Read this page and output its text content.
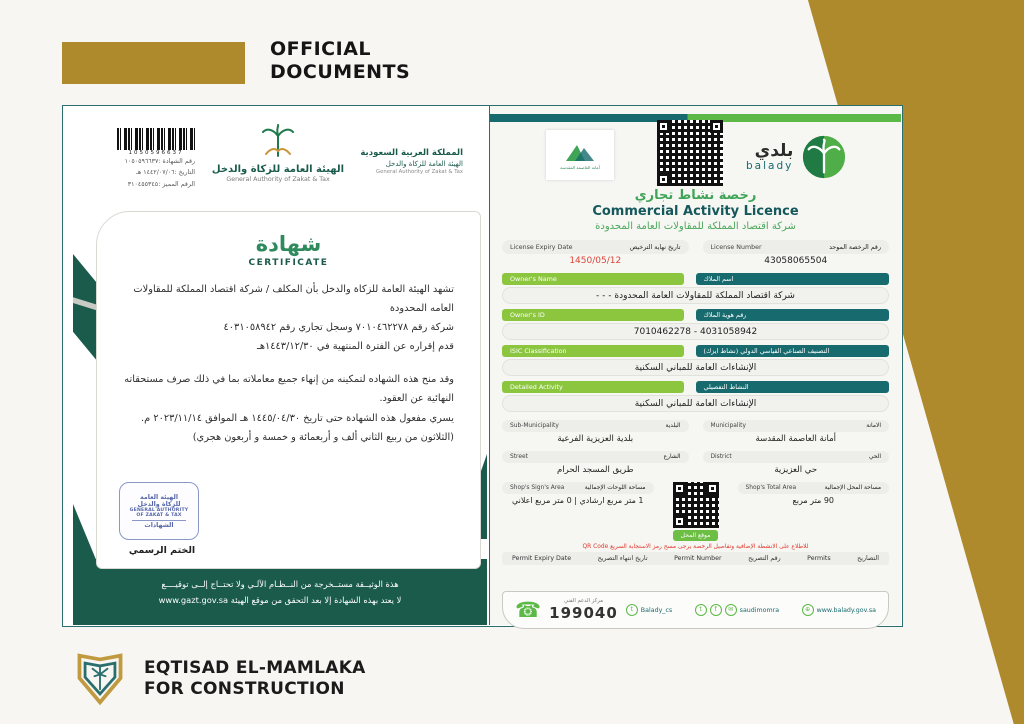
OFFICIAL
DOCUMENTS
1050596637
رقم الشهادة :١٠٥٠٥٩٦٦٣٧
التاريخ :١٤٤٢/٠٧/٠٦ هـ
الرقم المميز :٣١٠٤٥٥٣٤٥
الهيئة العامة للزكاة والدخل
General Authority of Zakat & Tax
المملكة العربية السعودية
الهيئة العامة للزكاة والدخل
General Authority of Zakat & Tax
شهادة
CERTIFICATE

تشهد الهيئة العامة للزكاة والدخل بأن المكلف / شركة اقتصاد المملكة للمقاولات العامه المحدودة

شركة رقم ٧٠١٠٤٦٢٢٧٨ وسجل تجاري رقم ٤٠٣١٠٥٨٩٤٢

قدم إقراره عن الفترة المنتهية في ١٤٤٣/١٢/٣٠هـ

وقد منح هذه الشهاده لتمكينه من إنهاء جميع معاملاته بما في ذلك صرف مستحقاته النهائية عن العقود.

يسري مفعول هذه الشهادة حتى تاريخ ١٤٤٥/٠٤/٣٠ هـ الموافق ٢٠٢٣/١١/١٤ م.

(الثلاثون من ربيع الثاني ألف و أربعمائة و خمسة و أربعون هجري)

الهيئة العامة
للزكاة والدخل
GENERAL AUTHORITY
OF ZAKAT & TAX
الشهادات
الختم الرسمي
هذة الوثيــقة مستــخرجة من النــظـام الآلـي ولا تحتــاج إلــى توقيــــع
لا يعتد بهذه الشهادة إلا بعد التحقق من موقع الهيئة www.gazt.gov.sa
أمانة العاصمة المقدسة
بلدي
balady
رخصة نشاط تجاري
Commercial Activity Licence
شركة اقتصاد المملكة للمقاولات العامة المحدودة
License Expiry Date	تاريخ نهاية الترخيص
1450/05/12
License Number	رقم الرخصة الموحد
43058065504
Owner's Name	اسم الملاك
شركة اقتصاد المملكة للمقاولات العامة المحدودة - - -
Owner's ID	رقم هوية الملاك
7010462278 - 4031058942
ISIC Classification	التصنيف الصناعي القياسي الدولي (نشاط ايزك)
الإنشاءات العامة للمباني السكنية
Detailed Activity	النشاط التفصيلي
الإنشاءات العامة للمباني السكنية
Sub-Municipality	البلدية
بلدية العزيزية الفرعية
Municipality	الامانة
أمانة العاصمة المقدسة
Street	الشارع
طريق المسجد الحرام
District	الحي
حي العزيزية
Shop's Sign's Area	مساحة اللوحات الإجمالية
1 متر مربع ارشادي | 0 متر مربع اعلاني
موقع المحل
Shop's Total Area	مساحة المحل الإجمالية
90 متر مربع
للاطلاع على الانشطة الإضافية وتفاصيل الرخصة يرجى مسح رمز الاستجابة السريع QR Code
Permit Expiry Date	تاريخ انتهاء التصريح	Permit Number	رقم التصريح	Permits	التصاريح
☎	مركز الدعم الفني
199040	t	Balady_cs	t	f	✉	saudimomra	⊕	www.balady.gov.sa
EQTISAD EL-MAMLAKA
FOR CONSTRUCTION
